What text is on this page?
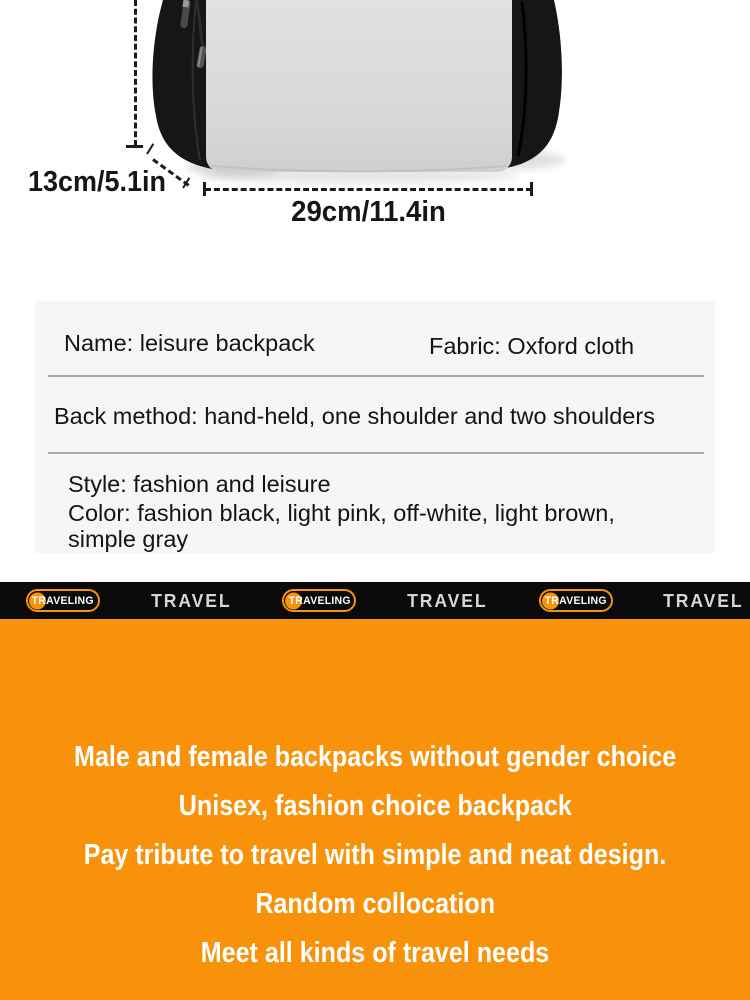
13cm/5.1in
29cm/11.4in
Name: leisure backpack	Fabric: Oxford cloth
Back method: hand-held, one shoulder and two shoulders
Style: fashion and leisure
Color: fashion black, light pink, off-white, light brown,
simple gray
TRAVELING	TRAVEL	TRAVELING	TRAVEL	TRAVELING	TRAVEL
Male and female backpacks without gender choice
Unisex, fashion choice backpack
Pay tribute to travel with simple and neat design.
Random collocation
Meet all kinds of travel needs
